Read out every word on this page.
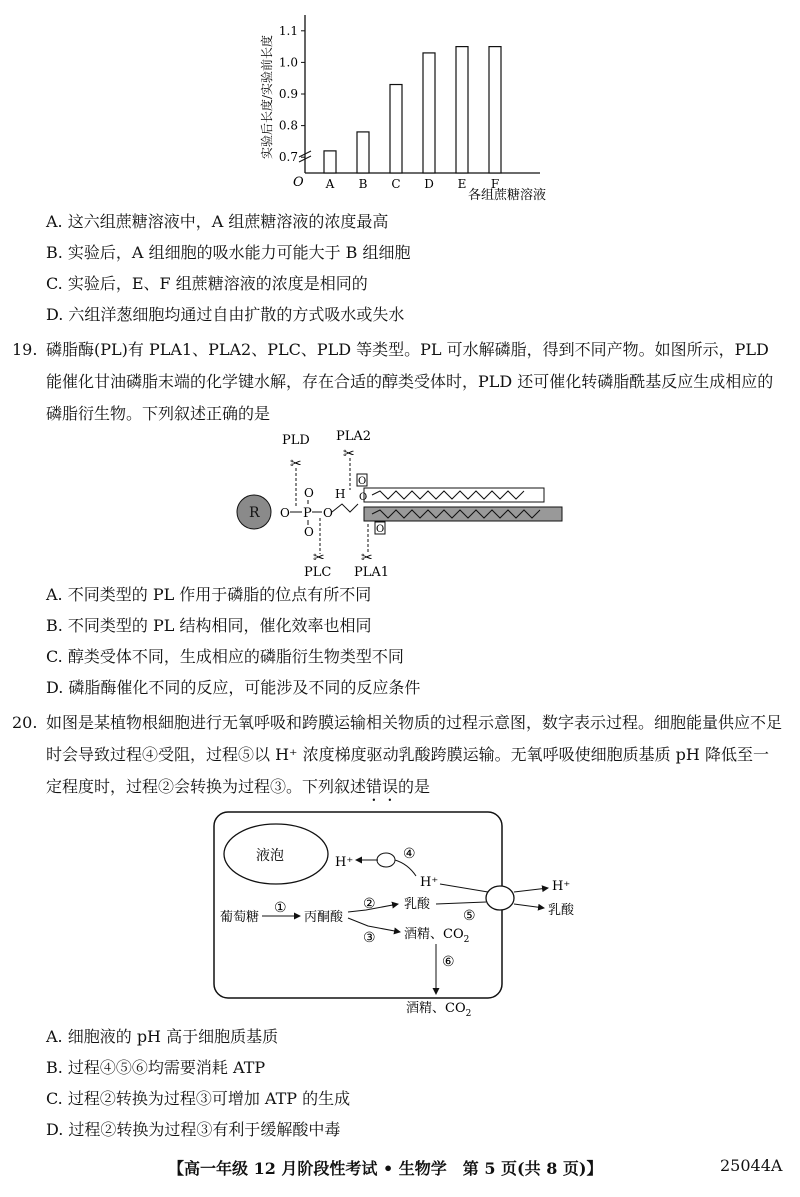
实验后长度/实验前长度 0.7
0.8
0.9
1.0
1.1
A B C D E F
O
各组蔗糖溶液
A. 这六组蔗糖溶液中，A 组蔗糖溶液的浓度最高
B. 实验后，A 组细胞的吸水能力可能大于 B 组细胞
C. 实验后，E、F 组蔗糖溶液的浓度是相同的
D. 六组洋葱细胞均通过自由扩散的方式吸水或失水
19. 磷脂酶(PL)有 PLA1、PLA2、PLC、PLD 等类型。PL 可水解磷脂，得到不同产物。如图所示，PLD 能催化甘油磷脂末端的化学键水解，存在合适的醇类受体时，PLD 还可催化转磷脂酰基反应生成相应的磷脂衍生物。下列叙述正确的是
R O P O
O
O
H
O
O
O
✂
✂
✂	✂
PLD PLA2
PLC PLA1
A. 不同类型的 PL 作用于磷脂的位点有所不同
B. 不同类型的 PL 结构相同，催化效率也相同
C. 醇类受体不同，生成相应的磷脂衍生物类型不同
D. 磷脂酶催化不同的反应，可能涉及不同的反应条件
20. 如图是某植物根細胞进行无氧呼吸和跨膜运输相关物质的过程示意图，数字表示过程。细胞能量供应不足时会导致过程④受阻，过程⑤以 H⁺ 浓度梯度驱动乳酸跨膜运输。无氧呼吸使细胞质基质 pH 降低至一定程度时，过程②会转换为过程③。下列叙述错误的是
液泡	H⁺
④
H⁺	H⁺
乳酸
葡萄糖
①
丙酮酸
② 乳酸
⑤
③ 酒精、$CO_2$
⑥
酒精、$CO_2$
A. 细胞液的 pH 高于细胞质基质
B. 过程④⑤⑥均需要消耗 ATP
C. 过程②转换为过程③可增加 ATP 的生成
D. 过程②转换为过程③有利于缓解酸中毒
【高一年级 12 月阶段性考试 • 生物学　第 5 页(共 8 页)】	25044A
